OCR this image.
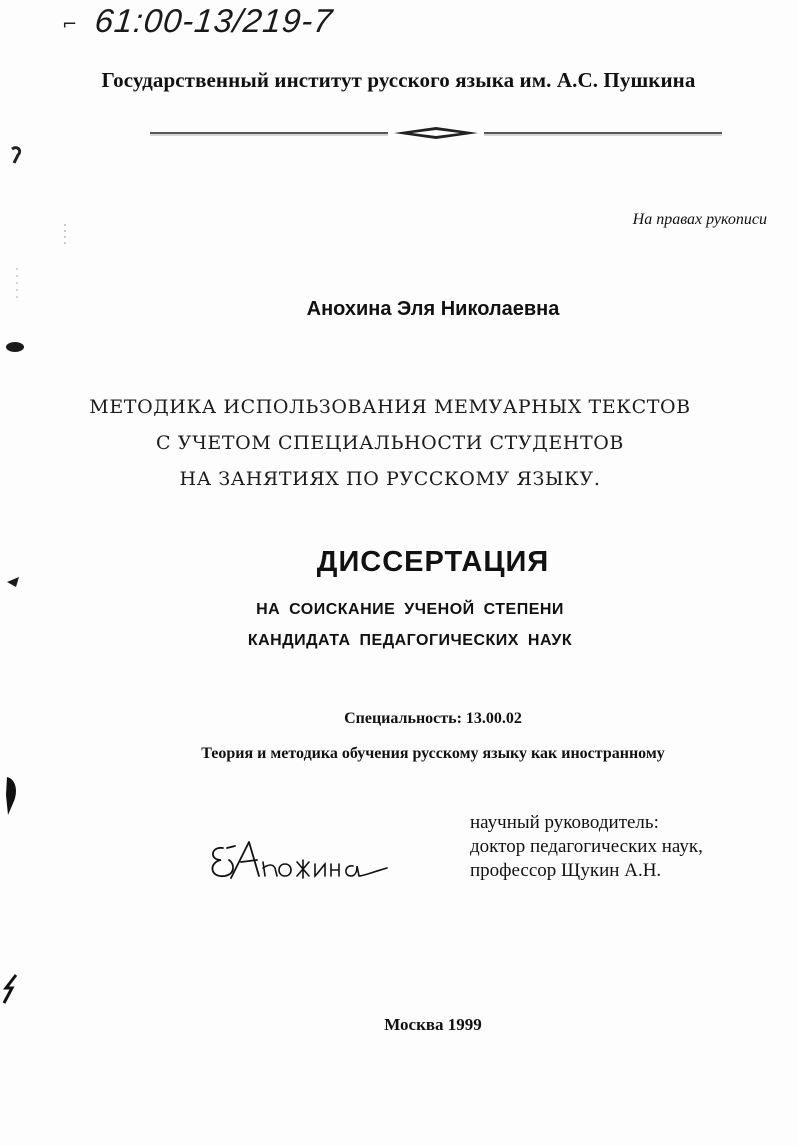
⌐ 61:00-13/219-7
Государственный институт русского языка им. А.С. Пушкина
На правах рукописи
Анохина Эля Николаевна
МЕТОДИКА ИСПОЛЬЗОВАНИЯ МЕМУАРНЫХ ТЕКСТОВ
С УЧЕТОМ СПЕЦИАЛЬНОСТИ СТУДЕНТОВ
НА ЗАНЯТИЯХ ПО РУССКОМУ ЯЗЫКУ.
ДИССЕРТАЦИЯ
НА СОИСКАНИЕ УЧЕНОЙ СТЕПЕНИ
КАНДИДАТА ПЕДАГОГИЧЕСКИХ НАУК
Специальность: 13.00.02
Теория и методика обучения русскому языку как иностранному
научный руководитель:
доктор педагогических наук,
профессор Щукин А.Н.
Москва 1999
